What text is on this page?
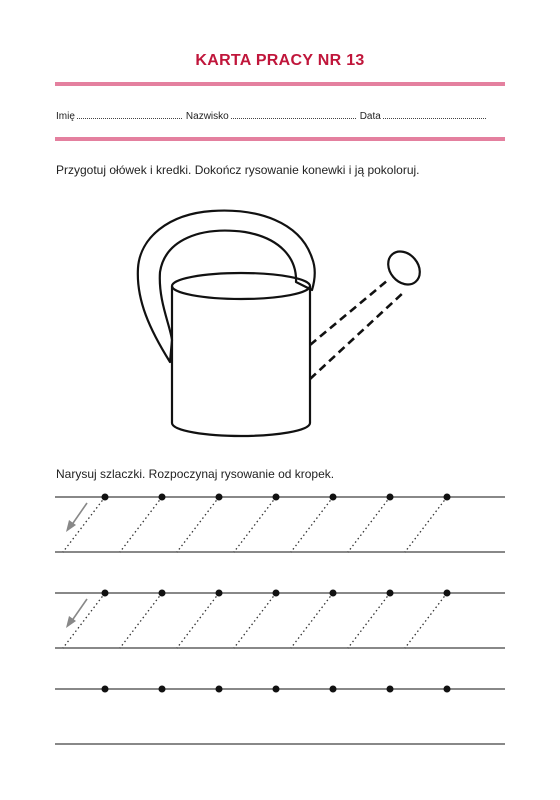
KARTA PRACY NR 13
Imię	Nazwisko	Data
Przygotuj ołówek i kredki. Dokończ rysowanie konewki i ją pokoloruj.
Narysuj szlaczki. Rozpoczynaj rysowanie od kropek.
